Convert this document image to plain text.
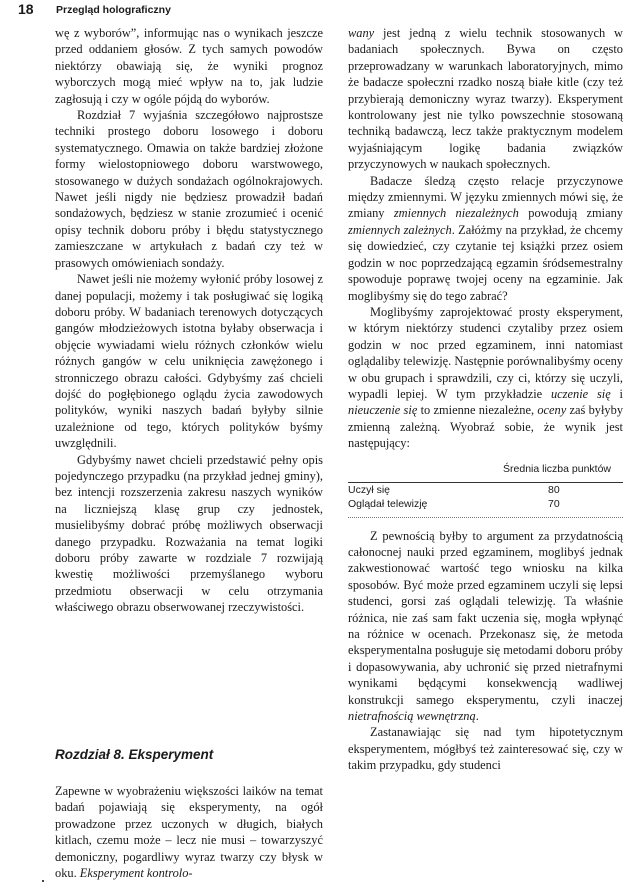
18 Przegląd holograficzny

wę z wyborów”, informując nas o wynikach jeszcze przed oddaniem głosów. Z tych samych powodów niektórzy obawiają się, że wyniki prognoz wyborczych mogą mieć wpływ na to, jak ludzie zagłosują i czy w ogóle pójdą do wyborów.

Rozdział 7 wyjaśnia szczegółowo najprostsze techniki prostego doboru losowego i doboru systematycznego. Omawia on także bardziej złożone formy wielostopniowego doboru warstwowego, stosowanego w dużych sondażach ogólnokrajowych. Nawet jeśli nigdy nie będziesz prowadził badań sondażowych, będziesz w stanie zrozumieć i ocenić opisy technik doboru próby i błędu statystycznego zamieszczane w artykułach z badań czy też w prasowych omówieniach sondaży.

Nawet jeśli nie możemy wyłonić próby losowej z danej populacji, możemy i tak posługiwać się logiką doboru próby. W badaniach terenowych dotyczących gangów młodzieżowych istotna byłaby obserwacja i objęcie wywiadami wielu różnych członków wielu różnych gangów w celu uniknięcia zawężonego i stronniczego obrazu całości. Gdybyśmy zaś chcieli dojść do pogłębionego oglądu życia zawodowych polityków, wyniki naszych badań byłyby silnie uzależnione od tego, których polityków byśmy uwzględnili.

Gdybyśmy nawet chcieli przedstawić pełny opis pojedynczego przypadku (na przykład jednej gminy), bez intencji rozszerzenia zakresu naszych wyników na liczniejszą klasę grup czy jednostek, musielibyśmy dobrać próbę możliwych obserwacji danego przypadku. Rozważania na temat logiki doboru próby zawarte w rozdziale 7 rozwijają kwestię możliwości przemyślanego wyboru przedmiotu obserwacji w celu otrzymania właściwego obrazu obserwowanej rzeczywistości.

Rozdział 8. Eksperyment

Zapewne w wyobrażeniu większości laików na temat badań pojawiają się eksperymenty, na ogół prowadzone przez uczonych w długich, białych kitlach, czemu może – lecz nie musi – towarzyszyć demoniczny, pogardliwy wyraz twarzy czy błysk w oku. Eksperyment kontrolo-

wany jest jedną z wielu technik stosowanych w badaniach społecznych. Bywa on często przeprowadzany w warunkach laboratoryjnych, mimo że badacze społeczni rzadko noszą białe kitle (czy też przybierają demoniczny wyraz twarzy). Eksperyment kontrolowany jest nie tylko powszechnie stosowaną techniką badawczą, lecz także praktycznym modelem wyjaśniającym logikę badania związków przyczynowych w naukach społecznych.

Badacze śledzą często relacje przyczynowe między zmiennymi. W języku zmiennych mówi się, że zmiany zmiennych niezależnych powodują zmiany zmiennych zależnych. Załóżmy na przykład, że chcemy się dowiedzieć, czy czytanie tej książki przez osiem godzin w noc poprzedzającą egzamin śródsemestralny spowoduje poprawę twojej oceny na egzaminie. Jak moglibyśmy się do tego zabrać?

Moglibyśmy zaprojektować prosty eksperyment, w którym niektórzy studenci czytaliby przez osiem godzin w noc przed egzaminem, inni natomiast oglądaliby telewizję. Następnie porównalibyśmy oceny w obu grupach i sprawdzili, czy ci, którzy się uczyli, wypadli lepiej. W tym przykładzie uczenie się i nieuczenie się to zmienne niezależne, oceny zaś byłyby zmienną zależną. Wyobraź sobie, że wynik jest następujący:

Średnia liczba punktów
Uczył się	80
Oglądał telewizję	70

Z pewnością byłby to argument za przydatnością całonocnej nauki przed egzaminem, moglibyś jednak zakwestionować wartość tego wniosku na kilka sposobów. Być może przed egzaminem uczyli się lepsi studenci, gorsi zaś oglądali telewizję. Ta właśnie różnica, nie zaś sam fakt uczenia się, mogła wpłynąć na różnice w ocenach. Przekonasz się, że metoda eksperymentalna posługuje się metodami doboru próby i dopasowywania, aby uchronić się przed nietrafnymi wynikami będącymi konsekwencją wadliwej konstrukcji samego eksperymentu, czyli inaczej nietrafnością wewnętrzną.

Zastanawiając się nad tym hipotetycznym eksperymentem, mógłbyś też zainteresować się, czy w takim przypadku, gdy studenci
